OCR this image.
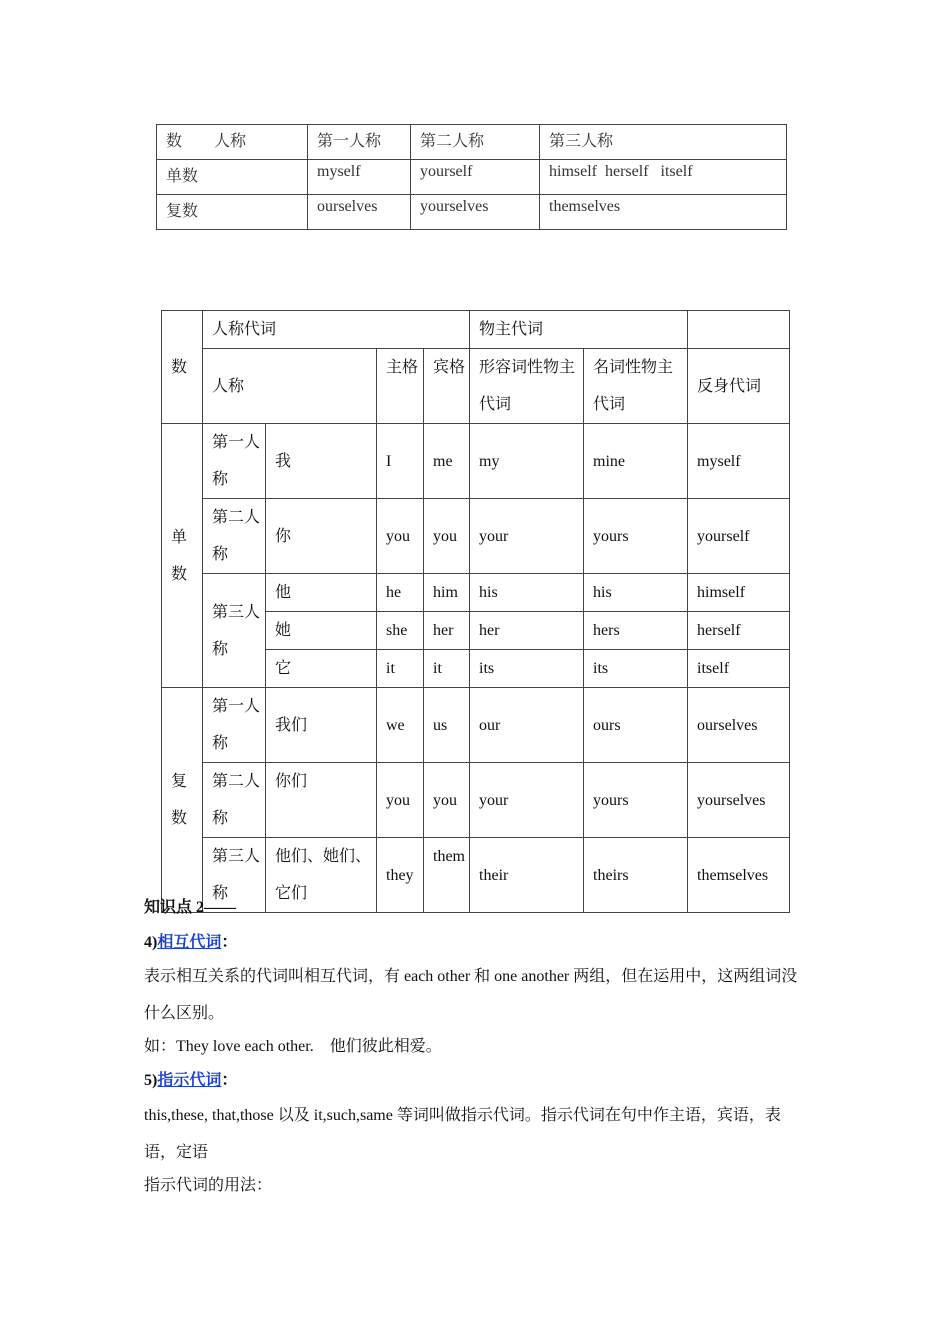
数　　人称	第一人称	第二人称	第三人称
单数	myself	yourself	himself  herself   itself
复数	ourselves	yourselves	themselves
数	人称代词				物主代词		
	人称		主格	宾格	形容词性物主代词	名词性物主代词	反身代词
单数	第一人称	我	I	me	my	mine	myself
	第二人称	你	you	you	your	yours	yourself
	第三人称	他	he	him	his	his	himself
		她	she	her	her	hers	herself
		它	it	it	its	its	itself
复数	第一人称	我们	we	us	our	ours	ourselves
	第二人称	你们	you	you	your	yours	yourselves
	第三人称	他们、她们、它们	they	them	their	theirs	themselves
知识点 2——
4)相互代词：
表示相互关系的代词叫相互代词，有 each other 和 one another 两组，但在运用中，这两组词没什么区别。
如：They love each other.　他们彼此相爱。
5)指示代词：
this,these, that,those 以及 it,such,same 等词叫做指示代词。指示代词在句中作主语，宾语，表语，定语
指示代词的用法：
